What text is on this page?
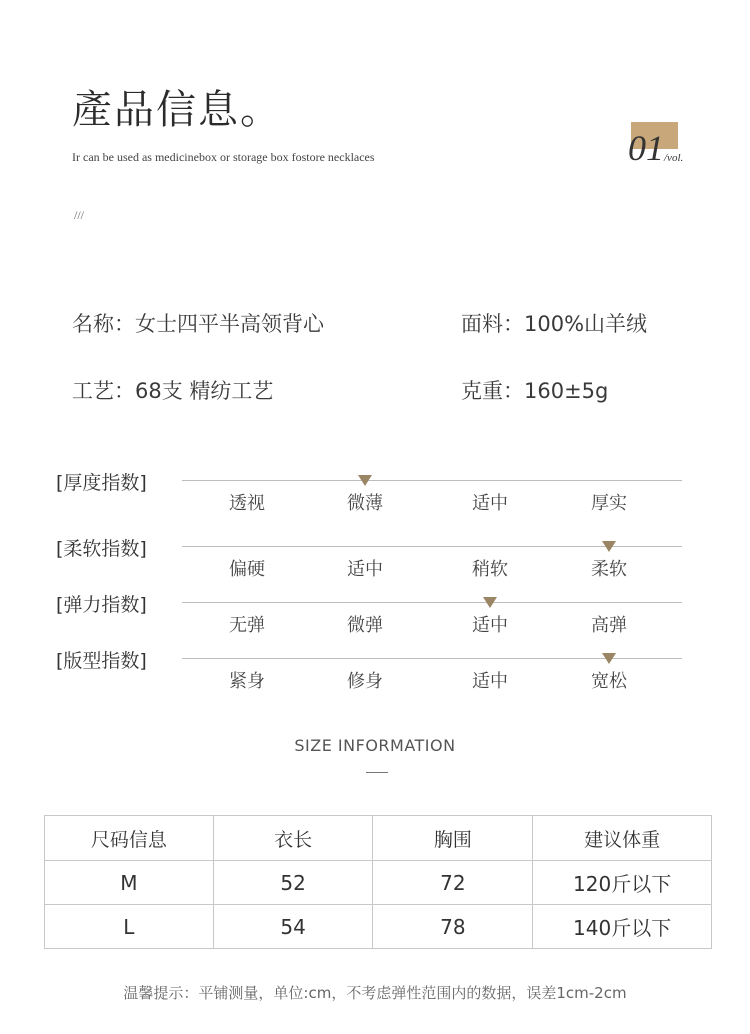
產品信息。
Ir can be used as medicinebox or storage box fostore necklaces
///
01 /vol.
名称：女士四平半高领背心	面料：100%山羊绒
工艺：68支 精纺工艺	克重：160±5g
[厚度指数]
透视	微薄	适中	厚实
[柔软指数]
偏硬	适中	稍软	柔软
[弹力指数]
无弹	微弹	适中	高弹
[版型指数]
紧身	修身	适中	宽松
SIZE INFORMATION
尺码信息	衣长	胸围	建议体重
M	52	72	120斤以下
L	54	78	140斤以下
温馨提示：平铺测量，单位:cm，不考虑弹性范围内的数据，误差1cm-2cm
